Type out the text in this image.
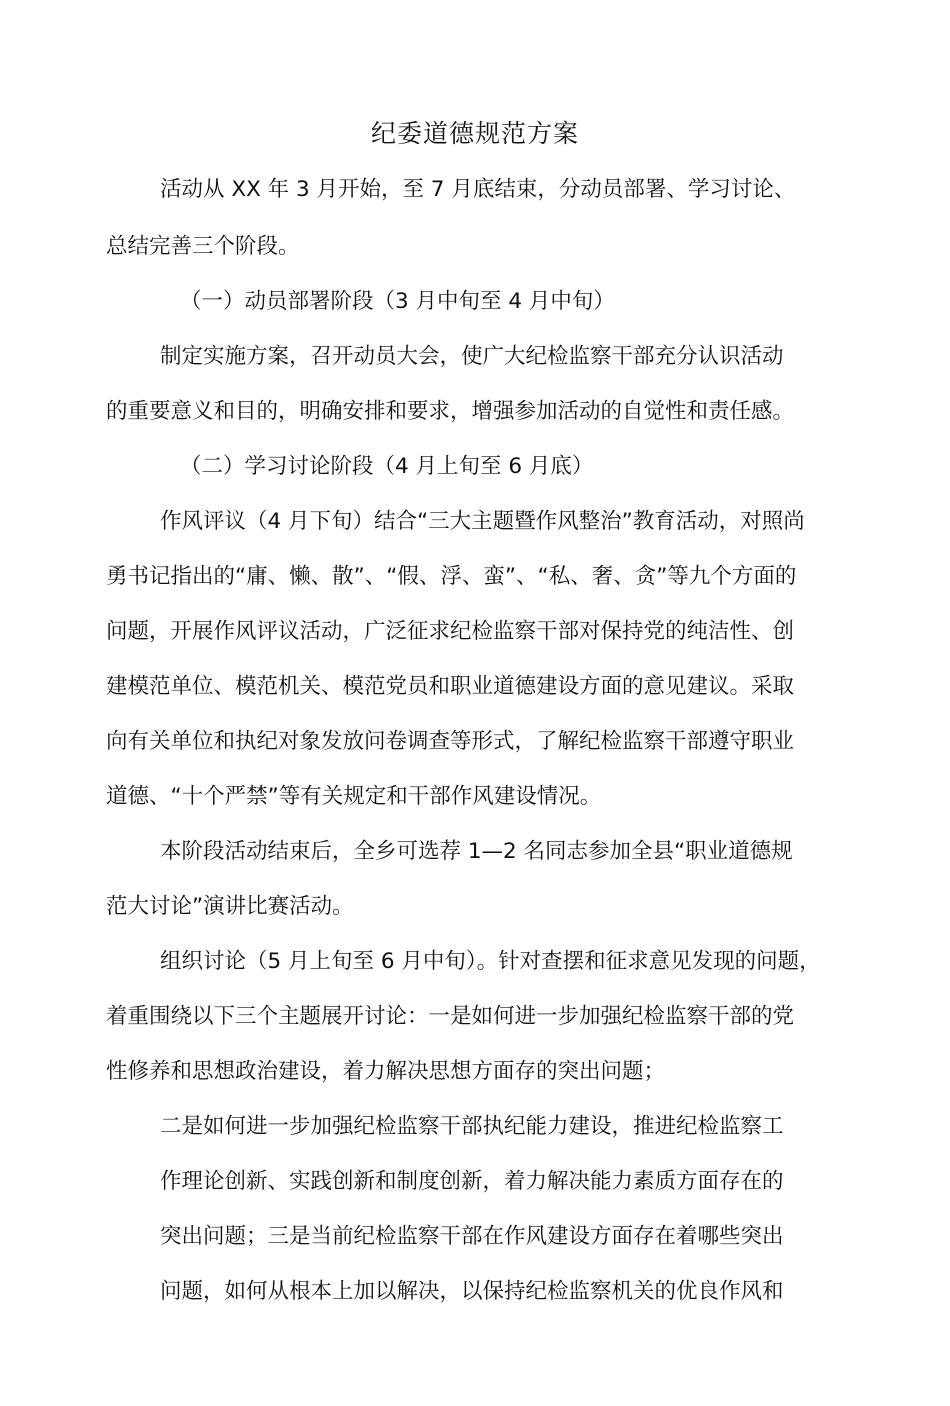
纪委道德规范方案

活动从 XX 年 3 月开始，至 7 月底结束，分动员部署、学习讨论、

总结完善三个阶段。

（一）动员部署阶段（3 月中旬至 4 月中旬）

制定实施方案，召开动员大会，使广大纪检监察干部充分认识活动

的重要意义和目的，明确安排和要求，增强参加活动的自觉性和责任感。

（二）学习讨论阶段（4 月上旬至 6 月底）

作风评议（4 月下旬）结合“三大主题暨作风整治”教育活动，对照尚

勇书记指出的“庸、懒、散”、“假、浮、蛮”、“私、奢、贪”等九个方面的

问题，开展作风评议活动，广泛征求纪检监察干部对保持党的纯洁性、创

建模范单位、模范机关、模范党员和职业道德建设方面的意见建议。采取

向有关单位和执纪对象发放问卷调查等形式，了解纪检监察干部遵守职业

道德、“十个严禁”等有关规定和干部作风建设情况。

本阶段活动结束后，全乡可选荐 1—2 名同志参加全县“职业道德规

范大讨论”演讲比赛活动。

组织讨论（5 月上旬至 6 月中旬）。针对查摆和征求意见发现的问题，

着重围绕以下三个主题展开讨论：一是如何进一步加强纪检监察干部的党

性修养和思想政治建设，着力解决思想方面存的突出问题；

二是如何进一步加强纪检监察干部执纪能力建设，推进纪检监察工

作理论创新、实践创新和制度创新，着力解决能力素质方面存在的

突出问题；三是当前纪检监察干部在作风建设方面存在着哪些突出

问题，如何从根本上加以解决，以保持纪检监察机关的优良作风和
